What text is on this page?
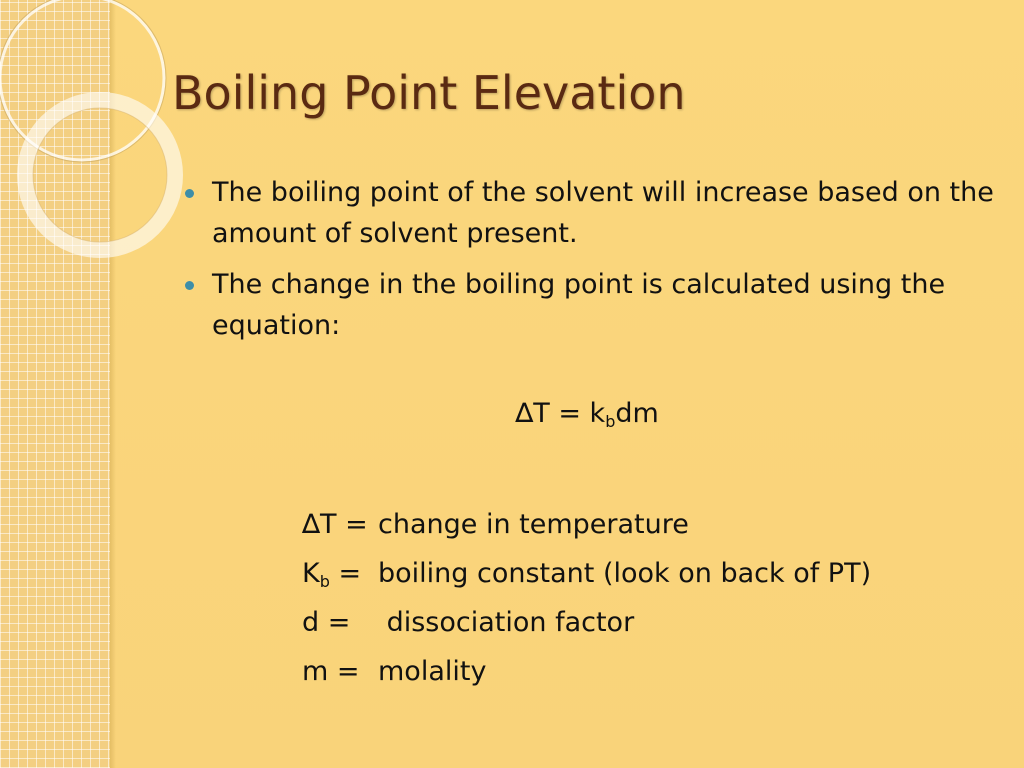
Boiling Point Elevation
The boiling point of the solvent will increase based on the amount of solvent present.
The change in the boiling point is calculated using the equation:
$\Delta T = k_bdm$
∆T = change in temperature
$K_b$ = boiling constant (look on back of PT)
d =	dissociation factor
m = molality
